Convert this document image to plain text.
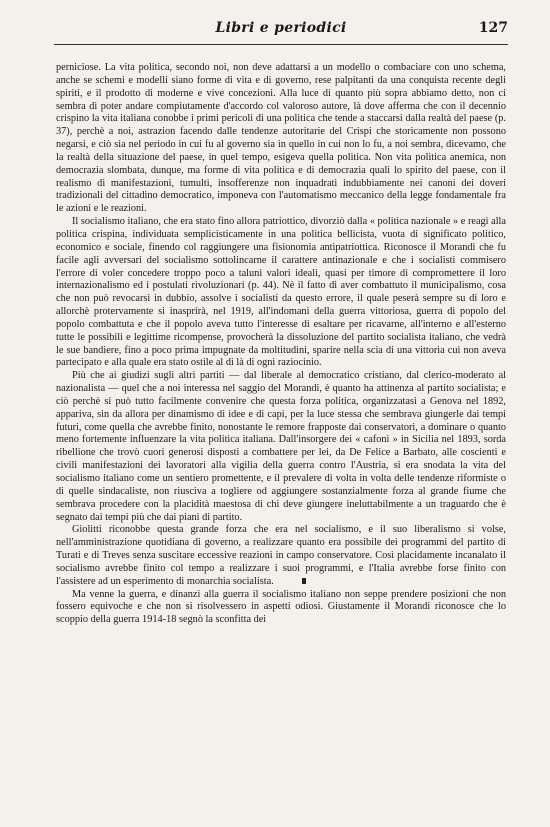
Libri e periodici	127

perniciose. La vita politica, secondo noi, non deve adattarsi a un modello o combaciare con uno schema, anche se schemi e modelli siano forme di vita e di governo, rese palpitanti da una conquista recente degli spiriti, e il prodotto di moderne e vive concezioni. Alla luce di quanto più sopra abbiamo detto, non ci sembra di poter andare compiutamente d'accordo col valoroso autore, là dove afferma che con il decennio crispino la vita italiana conobbe i primi pericoli di una politica che tende a staccarsi dalla realtà del paese (p. 37), perchè a noi, astrazion facendo dalle tendenze autoritarie del Crispi che storicamente non possono negarsi, e ciò sia nel periodo in cui fu al governo sia in quello in cui non lo fu, a noi sembra, dicevamo, che la realtà della situazione del paese, in quel tempo, esigeva quella politica. Non vita politica anemica, non democrazia slombata, dunque, ma forme di vita politica e di democrazia quali lo spirito del paese, con il realismo di manifestazioni, tumulti, insofferenze non inquadrati indubbiamente nei canoni dei doveri tradizionali del cittadino democratico, imponeva con l'automatismo meccanico della legge fondamentale fra le azioni e le reazioni.

Il socialismo italiano, che era stato fino allora patriottico, divorziò dalla « politica nazionale » e reagì alla politica crispina, individuata semplicisticamente in una politica bellicista, vuota di significato politico, economico e sociale, finendo col raggiungere una fisionomia antipatriottica. Riconosce il Morandi che fu facile agli avversari del socialismo sottolincarne il carattere antinazionale e che i socialisti commisero l'errore di voler concedere troppo poco a taluni valori ideali, quasi per timore di compromettere il loro internazionalismo ed i postulati rivoluzionari (p. 44). Nè il fatto di aver combattuto il municipalismo, cosa che non può revocarsi in dubbio, assolve i socialisti da questo errore, il quale peserà sempre su di loro e allorchè protervamente si inasprirà, nel 1919, all'indomani della guerra vittoriosa, guerra di popolo del popolo combattuta e che il popolo aveva tutto l'interesse di esaltare per ricavarne, all'interno e all'esterno tutte le possibili e legittime ricompense, provocherà la dissoluzione del partito socialista italiano, che vedrà le sue bandiere, fino a poco prima impugnate da moltitudini, sparire nella scia di una vittoria cui non aveva partecipato e alla quale era stato ostile al di là di ogni raziocinio.

Più che ai giudizi sugli altri partiti — dal liberale al democratico cristiano, dal clerico-moderato al nazionalista — quel che a noi interessa nel saggio del Morandi, è quanto ha attinenza al partito socialista; e ciò perchè si può tutto facilmente convenire che questa forza politica, organizzatasi a Genova nel 1892, appariva, sin da allora per dinamismo di idee e di capi, per la luce stessa che sembrava giungerle dai tempi futuri, come quella che avrebbe finito, nonostante le remore frapposte dai conservatori, a dominare o quanto meno fortemente influenzare la vita politica italiana. Dall'insorgere dei « cafoni » in Sicilia nel 1893, sorda ribellione che trovò cuori generosi disposti a combattere per lei, da De Felice a Barbato, alle coscienti e civili manifestazioni dei lavoratori alla vigilia della guerra contro l'Austria, si era snodata la vita del socialismo italiano come un sentiero promettente, e il prevalere di volta in volta delle tendenze riformiste o di quelle sindacaliste, non riusciva a togliere od aggiungere sostanzialmente forza al grande fiume che sembrava procedere con la placidità maestosa di chi deve giungere ineluttabilmente a un traguardo che è segnato dai tempi più che dai piani di partito.

Giolitti riconobbe questa grande forza che era nel socialismo, e il suo liberalismo si volse, nell'amministrazione quotidiana di governo, a realizzare quanto era possibile dei programmi del partito di Turati e di Treves senza suscitare eccessive reazioni in campo conservatore. Così placidamente incanalato il socialismo avrebbe finito col tempo a realizzare i suoi programmi, e l'Italia avrebbe forse finito con l'assistere ad un esperimento di monarchia socialista.

Ma venne la guerra, e dinanzi alla guerra il socialismo italiano non seppe prendere posizioni che non fossero equivoche e che non si risolvessero in aspetti odiosi. Giustamente il Morandi riconosce che lo scoppio della guerra 1914-18 segnò la sconfitta dei
